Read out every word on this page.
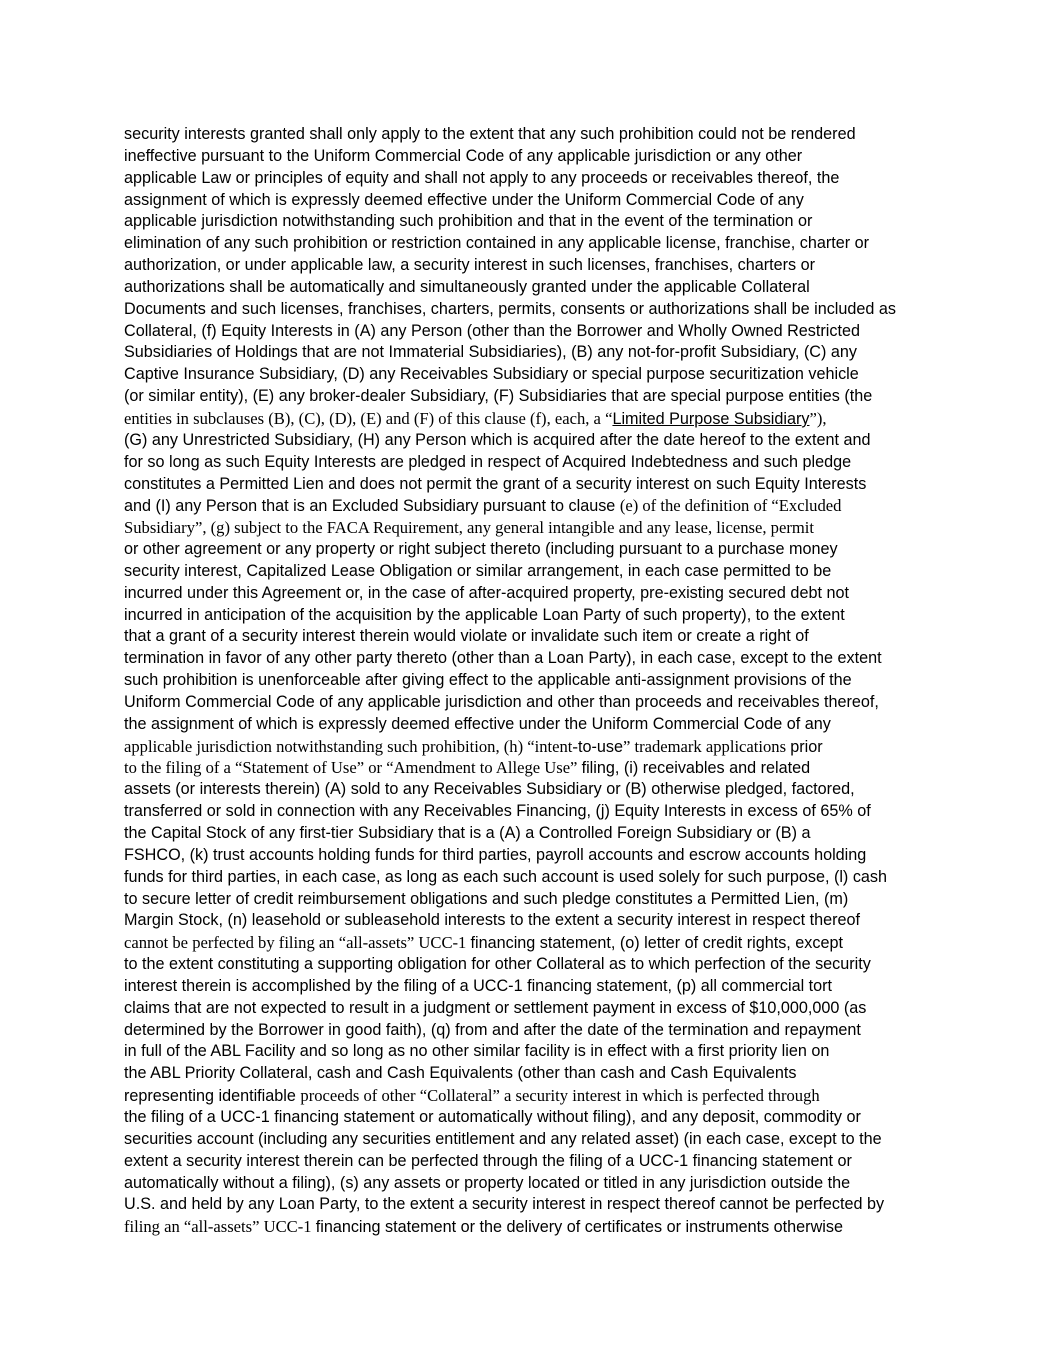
security interests granted shall only apply to the extent that any such prohibition could not be rendered
ineffective pursuant to the Uniform Commercial Code of any applicable jurisdiction or any other
applicable Law or principles of equity and shall not apply to any proceeds or receivables thereof, the
assignment of which is expressly deemed effective under the Uniform Commercial Code of any
applicable jurisdiction notwithstanding such prohibition and that in the event of the termination or
elimination of any such prohibition or restriction contained in any applicable license, franchise, charter or
authorization, or under applicable law, a security interest in such licenses, franchises, charters or
authorizations shall be automatically and simultaneously granted under the applicable Collateral
Documents and such licenses, franchises, charters, permits, consents or authorizations shall be included as
Collateral, (f) Equity Interests in (A) any Person (other than the Borrower and Wholly Owned Restricted
Subsidiaries of Holdings that are not Immaterial Subsidiaries), (B) any not-for-profit Subsidiary, (C) any
Captive Insurance Subsidiary, (D) any Receivables Subsidiary or special purpose securitization vehicle
(or similar entity), (E) any broker-dealer Subsidiary, (F) Subsidiaries that are special purpose entities (the
entities in subclauses (B), (C), (D), (E) and (F) of this clause (f), each, a “Limited Purpose Subsidiary”),
(G) any Unrestricted Subsidiary, (H) any Person which is acquired after the date hereof to the extent and
for so long as such Equity Interests are pledged in respect of Acquired Indebtedness and such pledge
constitutes a Permitted Lien and does not permit the grant of a security interest on such Equity Interests
and (I) any Person that is an Excluded Subsidiary pursuant to clause (e) of the definition of “Excluded
Subsidiary”, (g) subject to the FACA Requirement, any general intangible and any lease, license, permit
or other agreement or any property or right subject thereto (including pursuant to a purchase money
security interest, Capitalized Lease Obligation or similar arrangement, in each case permitted to be
incurred under this Agreement or, in the case of after-acquired property, pre-existing secured debt not
incurred in anticipation of the acquisition by the applicable Loan Party of such property), to the extent
that a grant of a security interest therein would violate or invalidate such item or create a right of
termination in favor of any other party thereto (other than a Loan Party), in each case, except to the extent
such prohibition is unenforceable after giving effect to the applicable anti-assignment provisions of the
Uniform Commercial Code of any applicable jurisdiction and other than proceeds and receivables thereof,
the assignment of which is expressly deemed effective under the Uniform Commercial Code of any
applicable jurisdiction notwithstanding such prohibition, (h) “intent-to-use” trademark applications prior
to the filing of a “Statement of Use” or “Amendment to Allege Use” filing, (i) receivables and related
assets (or interests therein) (A) sold to any Receivables Subsidiary or (B) otherwise pledged, factored,
transferred or sold in connection with any Receivables Financing, (j) Equity Interests in excess of 65% of
the Capital Stock of any first-tier Subsidiary that is a (A) a Controlled Foreign Subsidiary or (B) a
FSHCO, (k) trust accounts holding funds for third parties, payroll accounts and escrow accounts holding
funds for third parties, in each case, as long as each such account is used solely for such purpose, (l) cash
to secure letter of credit reimbursement obligations and such pledge constitutes a Permitted Lien, (m)
Margin Stock, (n) leasehold or subleasehold interests to the extent a security interest in respect thereof
cannot be perfected by filing an “all-assets” UCC-1 financing statement, (o) letter of credit rights, except
to the extent constituting a supporting obligation for other Collateral as to which perfection of the security
interest therein is accomplished by the filing of a UCC-1 financing statement, (p) all commercial tort
claims that are not expected to result in a judgment or settlement payment in excess of $10,000,000 (as
determined by the Borrower in good faith), (q) from and after the date of the termination and repayment
in full of the ABL Facility and so long as no other similar facility is in effect with a first priority lien on
the ABL Priority Collateral, cash and Cash Equivalents (other than cash and Cash Equivalents
representing identifiable proceeds of other “Collateral” a security interest in which is perfected through
the filing of a UCC-1 financing statement or automatically without filing), and any deposit, commodity or
securities account (including any securities entitlement and any related asset) (in each case, except to the
extent a security interest therein can be perfected through the filing of a UCC-1 financing statement or
automatically without a filing), (s) any assets or property located or titled in any jurisdiction outside the
U.S. and held by any Loan Party, to the extent a security interest in respect thereof cannot be perfected by
filing an “all-assets” UCC-1 financing statement or the delivery of certificates or instruments otherwise
